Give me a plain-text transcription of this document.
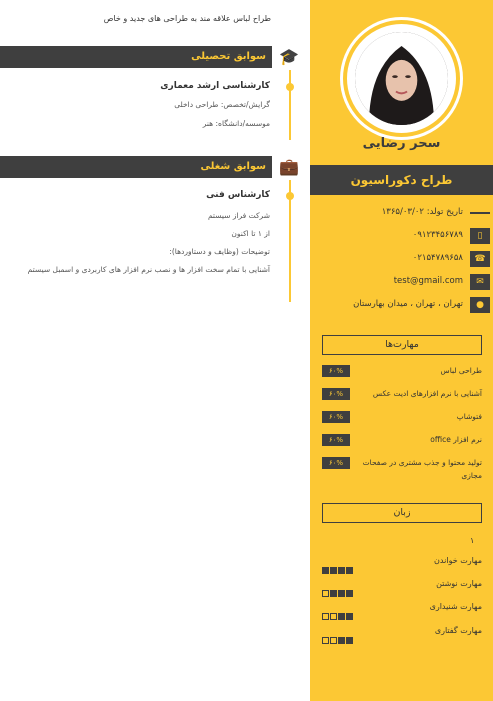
سحر رضایی
طراح دکوراسیون
تاریخ تولد: ۱۳۶۵/۰۳/۰۲
۰۹۱۲۳۴۵۶۷۸۹	▯
۰۲۱۵۴۷۸۹۶۵۸	☎
test@gmail.com	✉
تهران ، تهران ، میدان بهارستان	●
مهارت‌ها
طراحی لباس
۶۰%
آشنایی با نرم افزارهای ادیت عکس
۶۰%
فتوشاپ
۶۰%
نرم افزار office
۶۰%
تولید محتوا و جذب مشتری در صفحات مجازی
۶۰%
زبان
۱
مهارت خواندن
مهارت نوشتن
مهارت شنیداری
مهارت گفتاری
طراح لباس علاقه مند به طراحی های جدید و خاص
سوابق تحصیلی 🎓
کارشناسی ارشد معماری
گرایش/تخصص: طراحی داخلی
موسسه/دانشگاه: هنر
سوابق شغلی 💼
کارشناس فنی
شرکت فراز سیستم
از ۱ تا اکنون
توضیحات (وظایف و دستاوردها):
آشنایی با تمام سخت افزار ها و نصب نرم افزار های کاربردی و اسمبل سیستم
